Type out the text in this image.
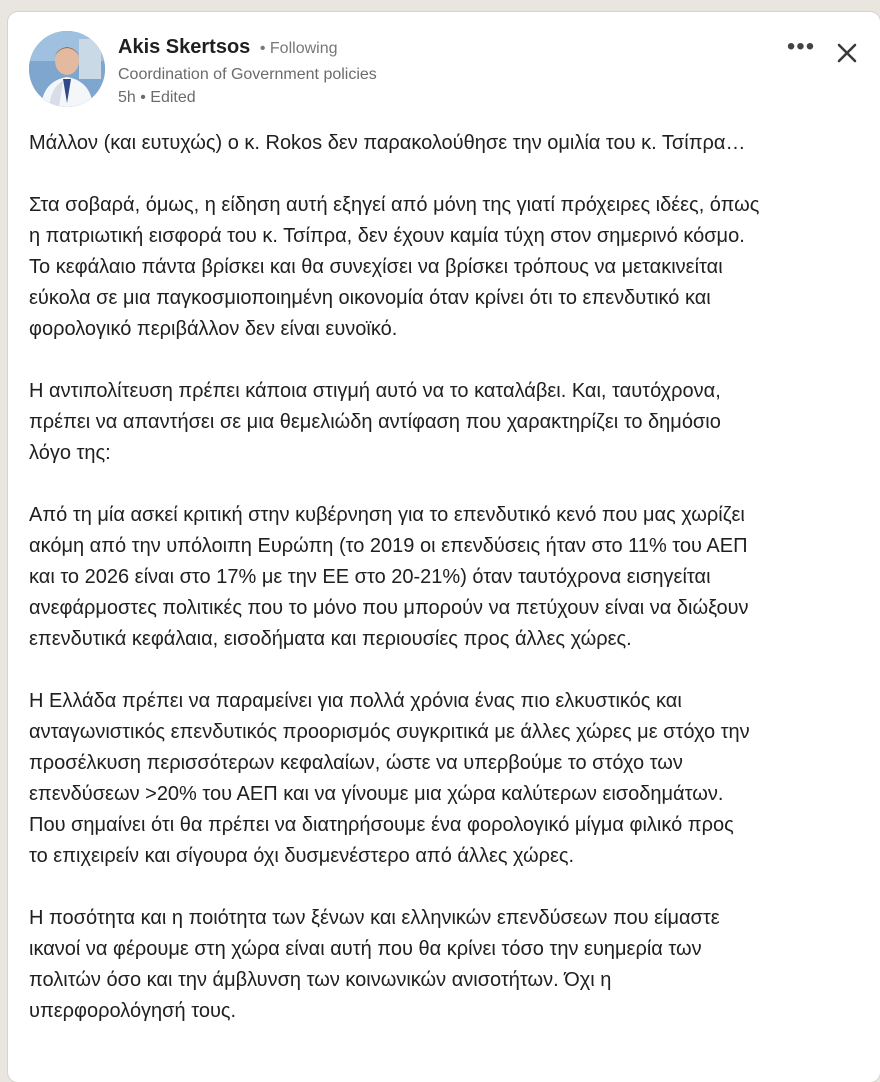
Akis Skertsos • Following
Coordination of Government policies
5h • Edited
•••
Μάλλον (και ευτυχώς) ο κ. Rokos δεν παρακολούθησε την ομιλία του κ. Τσίπρα…
Στα σοβαρά, όμως, η είδηση αυτή εξηγεί από μόνη της γιατί πρόχειρες ιδέες, όπως
η πατριωτική εισφορά του κ. Τσίπρα, δεν έχουν καμία τύχη στον σημερινό κόσμο.
Το κεφάλαιο πάντα βρίσκει και θα συνεχίσει να βρίσκει τρόπους να μετακινείται
εύκολα σε μια παγκοσμιοποιημένη οικονομία όταν κρίνει ότι το επενδυτικό και
φορολογικό περιβάλλον δεν είναι ευνοϊκό.
Η αντιπολίτευση πρέπει κάποια στιγμή αυτό να το καταλάβει. Και, ταυτόχρονα,
πρέπει να απαντήσει σε μια θεμελιώδη αντίφαση που χαρακτηρίζει το δημόσιο
λόγο της:
Από τη μία ασκεί κριτική στην κυβέρνηση για το επενδυτικό κενό που μας χωρίζει
ακόμη από την υπόλοιπη Ευρώπη (το 2019 οι επενδύσεις ήταν στο 11% του ΑΕΠ
και το 2026 είναι στο 17% με την ΕΕ στο 20-21%) όταν ταυτόχρονα εισηγείται
ανεφάρμοστες πολιτικές που το μόνο που μπορούν να πετύχουν είναι να διώξουν
επενδυτικά κεφάλαια, εισοδήματα και περιουσίες προς άλλες χώρες.
Η Ελλάδα πρέπει να παραμείνει για πολλά χρόνια ένας πιο ελκυστικός και
ανταγωνιστικός επενδυτικός προορισμός συγκριτικά με άλλες χώρες με στόχο την
προσέλκυση περισσότερων κεφαλαίων, ώστε να υπερβούμε το στόχο των
επενδύσεων >20% του ΑΕΠ και να γίνουμε μια χώρα καλύτερων εισοδημάτων.
Που σημαίνει ότι θα πρέπει να διατηρήσουμε ένα φορολογικό μίγμα φιλικό προς
το επιχειρείν και σίγουρα όχι δυσμενέστερο από άλλες χώρες.
Η ποσότητα και η ποιότητα των ξένων και ελληνικών επενδύσεων που είμαστε
ικανοί να φέρουμε στη χώρα είναι αυτή που θα κρίνει τόσο την ευημερία των
πολιτών όσο και την άμβλυνση των κοινωνικών ανισοτήτων. Όχι η
υπερφορολόγησή τους.
